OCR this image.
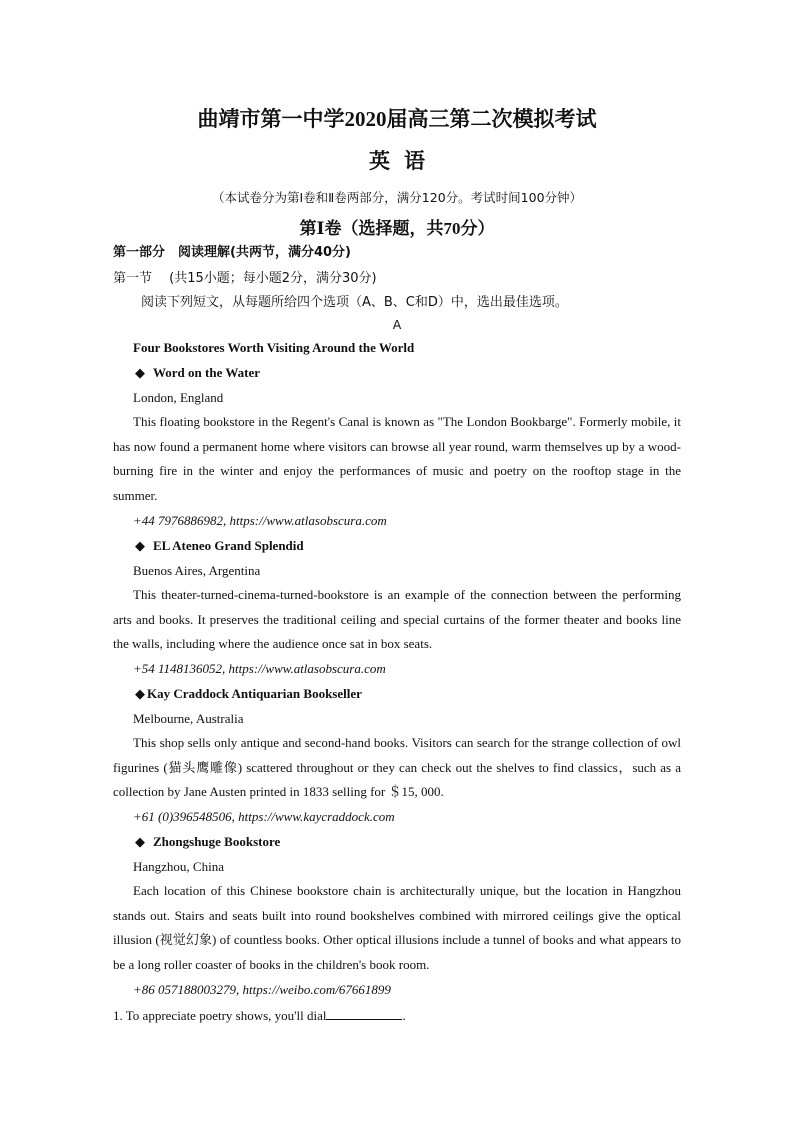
曲靖市第一中学2020届高三第二次模拟考试
英语
（本试卷分为第Ⅰ卷和Ⅱ卷两部分，满分120分。考试时间100分钟）
第Ⅰ卷（选择题，共70分）
第一部分　阅读理解(共两节，满分40分)
第一节　 (共15小题；每小题2分，满分30分)
阅读下列短文，从每题所给四个选项（A、B、C和D）中，选出最佳选项。
A
Four Bookstores Worth Visiting Around the World
◆ Word on the Water
London, England
This floating bookstore in the Regent's Canal is known as "The London Bookbarge". Formerly mobile, it has now found a permanent home where visitors can browse all year round, warm themselves up by a wood-burning fire in the winter and enjoy the performances of music and poetry on the rooftop stage in the summer.
+44 7976886982, https://www.atlasobscura.com
◆ EL Ateneo Grand Splendid
Buenos Aires, Argentina
This theater-turned-cinema-turned-bookstore is an example of the connection between the performing arts and books. It preserves the traditional ceiling and special curtains of the former theater and books line the walls, including where the audience once sat in box seats.
+54 1148136052, https://www.atlasobscura.com
◆ Kay Craddock Antiquarian Bookseller
Melbourne, Australia
This shop sells only antique and second-hand books. Visitors can search for the strange collection of owl figurines (猫头鹰雕像) scattered throughout or they can check out the shelves to find classics，such as a collection by Jane Austen printed in 1833 selling for ＄15, 000.
+61 (0)396548506, https://www.kaycraddock.com
◆ Zhongshuge Bookstore
Hangzhou, China
Each location of this Chinese bookstore chain is architecturally unique, but the location in Hangzhou stands out. Stairs and seats built into round bookshelves combined with mirrored ceilings give the optical illusion (视觉幻象) of countless books. Other optical illusions include a tunnel of books and what appears to be a long roller coaster of books in the children's book room.
+86 057188003279, https://weibo.com/67661899
1. To appreciate poetry shows, you'll dial	.
